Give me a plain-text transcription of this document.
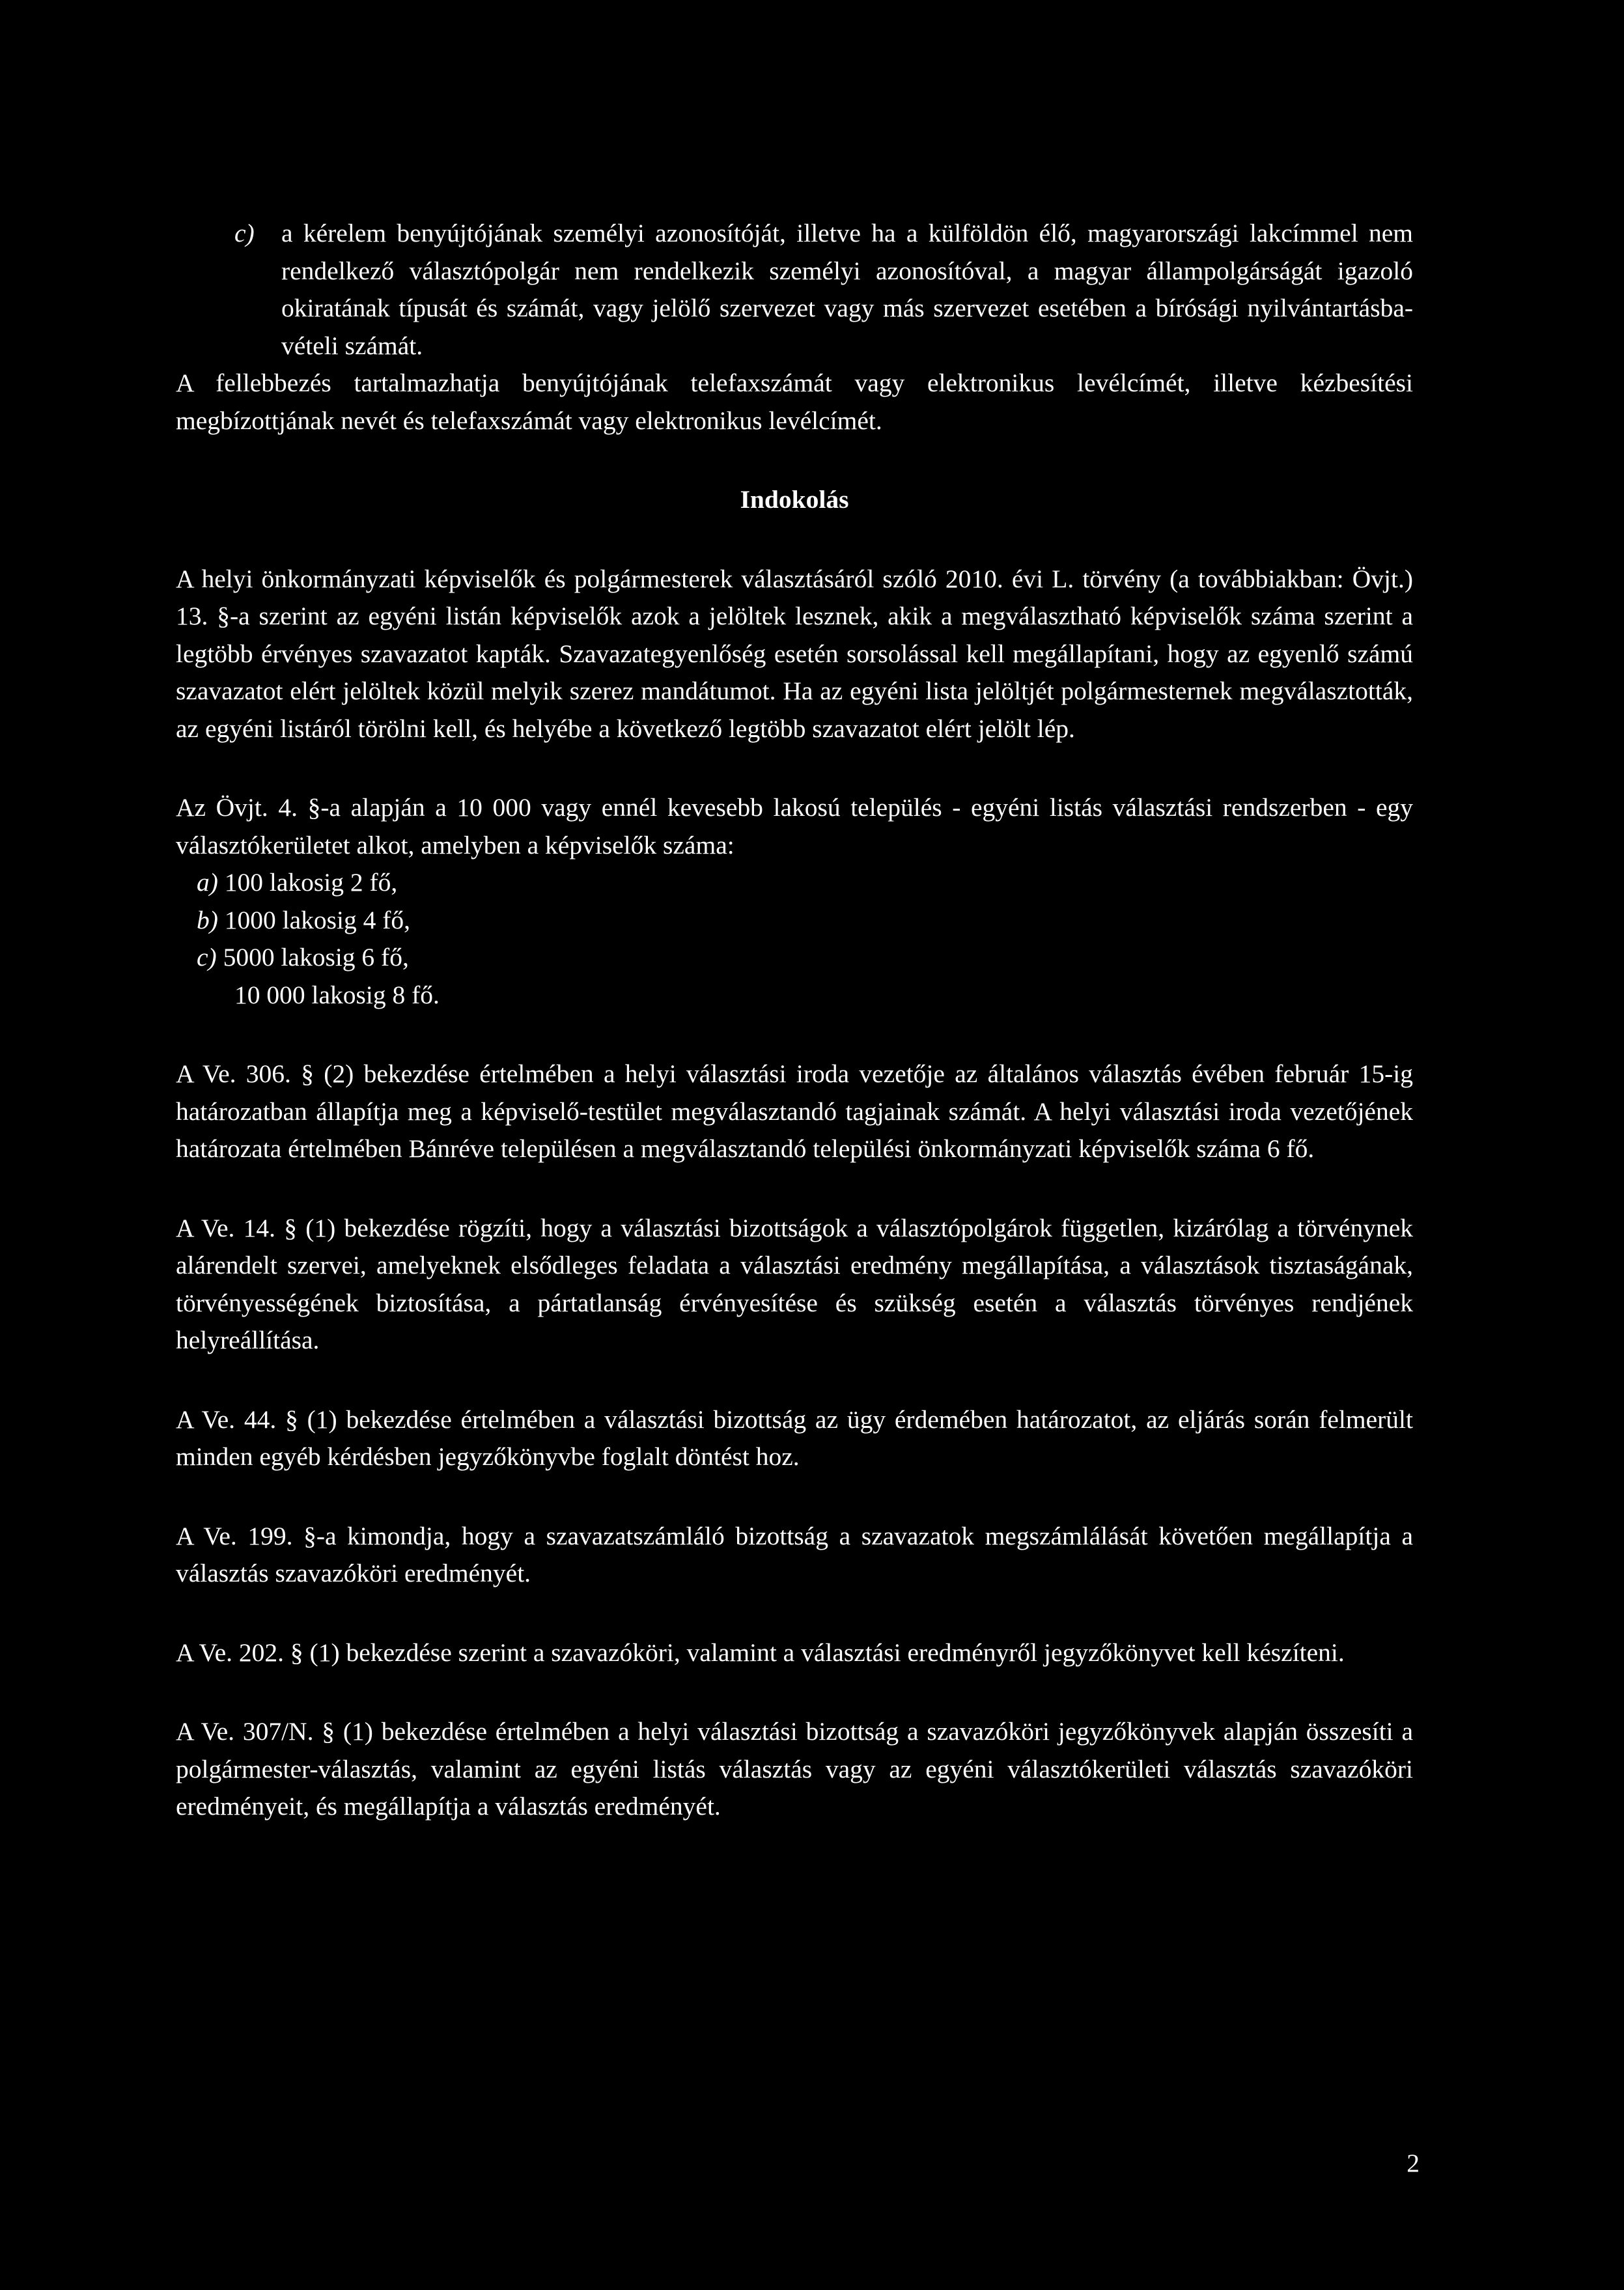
c) a kérelem benyújtójának személyi azonosítóját, illetve ha a külföldön élő, magyarországi lakcímmel nem rendelkező választópolgár nem rendelkezik személyi azonosítóval, a magyar állampolgárságát igazoló okiratának típusát és számát, vagy jelölő szervezet vagy más szervezet esetében a bírósági nyilvántartásba-vételi számát.

A fellebbezés tartalmazhatja benyújtójának telefaxszámát vagy elektronikus levélcímét, illetve kézbesítési megbízottjának nevét és telefaxszámát vagy elektronikus levélcímét.

Indokolás

A helyi önkormányzati képviselők és polgármesterek választásáról szóló 2010. évi L. törvény (a továbbiakban: Övjt.) 13. §-a szerint az egyéni listán képviselők azok a jelöltek lesznek, akik a megválasztható képviselők száma szerint a legtöbb érvényes szavazatot kapták. Szavazategyenlőség esetén sorsolással kell megállapítani, hogy az egyenlő számú szavazatot elért jelöltek közül melyik szerez mandátumot. Ha az egyéni lista jelöltjét polgármesternek megválasztották, az egyéni listáról törölni kell, és helyébe a következő legtöbb szavazatot elért jelölt lép.

Az Övjt. 4. §-a alapján a 10 000 vagy ennél kevesebb lakosú település - egyéni listás választási rendszerben - egy választókerületet alkot, amelyben a képviselők száma:

a) 100 lakosig 2 fő,
b) 1000 lakosig 4 fő,
c) 5000 lakosig 6 fő,
10 000 lakosig 8 fő.

A Ve. 306. § (2) bekezdése értelmében a helyi választási iroda vezetője az általános választás évében február 15-ig határozatban állapítja meg a képviselő-testület megválasztandó tagjainak számát. A helyi választási iroda vezetőjének határozata értelmében Bánréve településen a megválasztandó települési önkormányzati képviselők száma 6 fő.

A Ve. 14. § (1) bekezdése rögzíti, hogy a választási bizottságok a választópolgárok független, kizárólag a törvénynek alárendelt szervei, amelyeknek elsődleges feladata a választási eredmény megállapítása, a választások tisztaságának, törvényességének biztosítása, a pártatlanság érvényesítése és szükség esetén a választás törvényes rendjének helyreállítása.

A Ve. 44. § (1) bekezdése értelmében a választási bizottság az ügy érdemében határozatot, az eljárás során felmerült minden egyéb kérdésben jegyzőkönyvbe foglalt döntést hoz.

A Ve. 199. §-a kimondja, hogy a szavazatszámláló bizottság a szavazatok megszámlálását követően megállapítja a választás szavazóköri eredményét.

A Ve. 202. § (1) bekezdése szerint a szavazóköri, valamint a választási eredményről jegyzőkönyvet kell készíteni.

A Ve. 307/N. § (1) bekezdése értelmében a helyi választási bizottság a szavazóköri jegyzőkönyvek alapján összesíti a polgármester-választás, valamint az egyéni listás választás vagy az egyéni választókerületi választás szavazóköri eredményeit, és megállapítja a választás eredményét.

2
